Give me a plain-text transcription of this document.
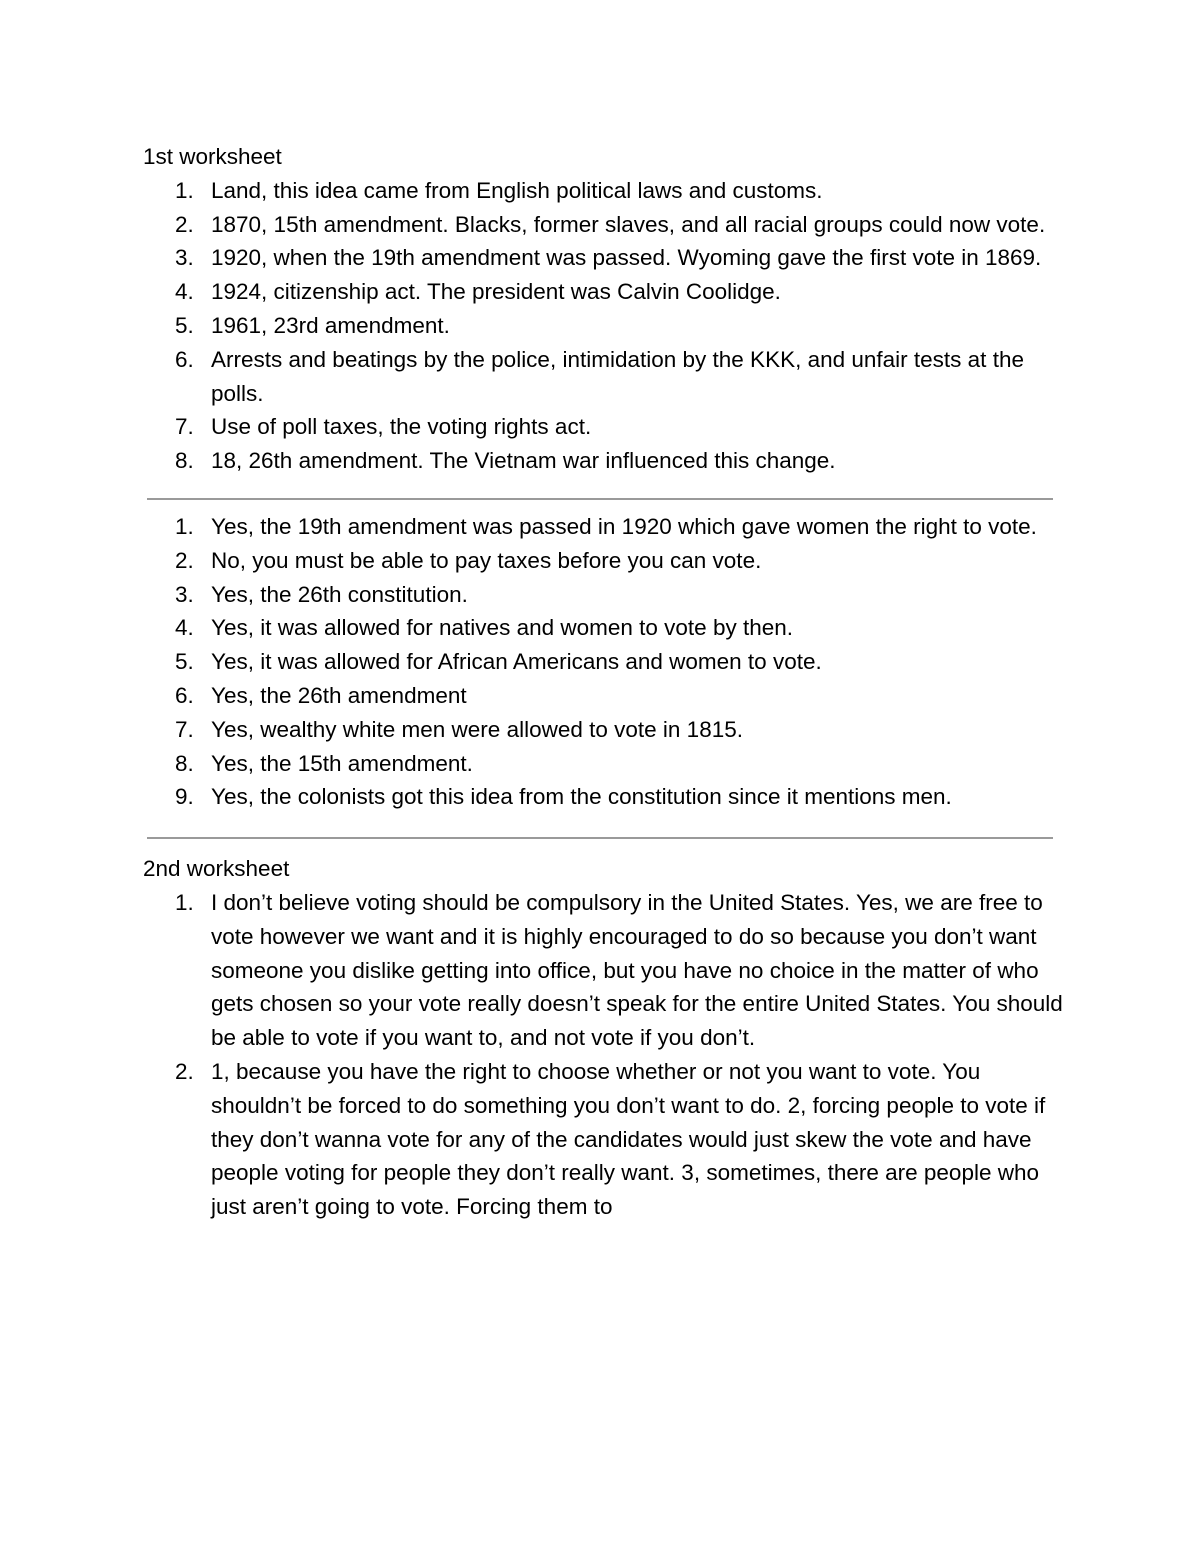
1st worksheet

1. Land, this idea came from English political laws and customs.
2. 1870, 15th amendment. Blacks, former slaves, and all racial groups could now vote.
3. 1920, when the 19th amendment was passed. Wyoming gave the first vote in 1869.
4. 1924, citizenship act. The president was Calvin Coolidge.
5. 1961, 23rd amendment.
6. Arrests and beatings by the police, intimidation by the KKK, and unfair tests at the polls.
7. Use of poll taxes, the voting rights act.
8. 18, 26th amendment. The Vietnam war influenced this change.
1. Yes, the 19th amendment was passed in 1920 which gave women the right to vote.
2. No, you must be able to pay taxes before you can vote.
3. Yes, the 26th constitution.
4. Yes, it was allowed for natives and women to vote by then.
5. Yes, it was allowed for African Americans and women to vote.
6. Yes, the 26th amendment
7. Yes, wealthy white men were allowed to vote in 1815.
8. Yes, the 15th amendment.
9. Yes, the colonists got this idea from the constitution since it mentions men.

2nd worksheet

1. I don’t believe voting should be compulsory in the United States. Yes, we are free to vote however we want and it is highly encouraged to do so because you don’t want someone you dislike getting into office, but you have no choice in the matter of who gets chosen so your vote really doesn’t speak for the entire United States. You should be able to vote if you want to, and not vote if you don’t.
2. 1, because you have the right to choose whether or not you want to vote. You shouldn’t be forced to do something you don’t want to do. 2, forcing people to vote if they don’t wanna vote for any of the candidates would just skew the vote and have people voting for people they don’t really want. 3, sometimes, there are people who just aren’t going to vote. Forcing them to
